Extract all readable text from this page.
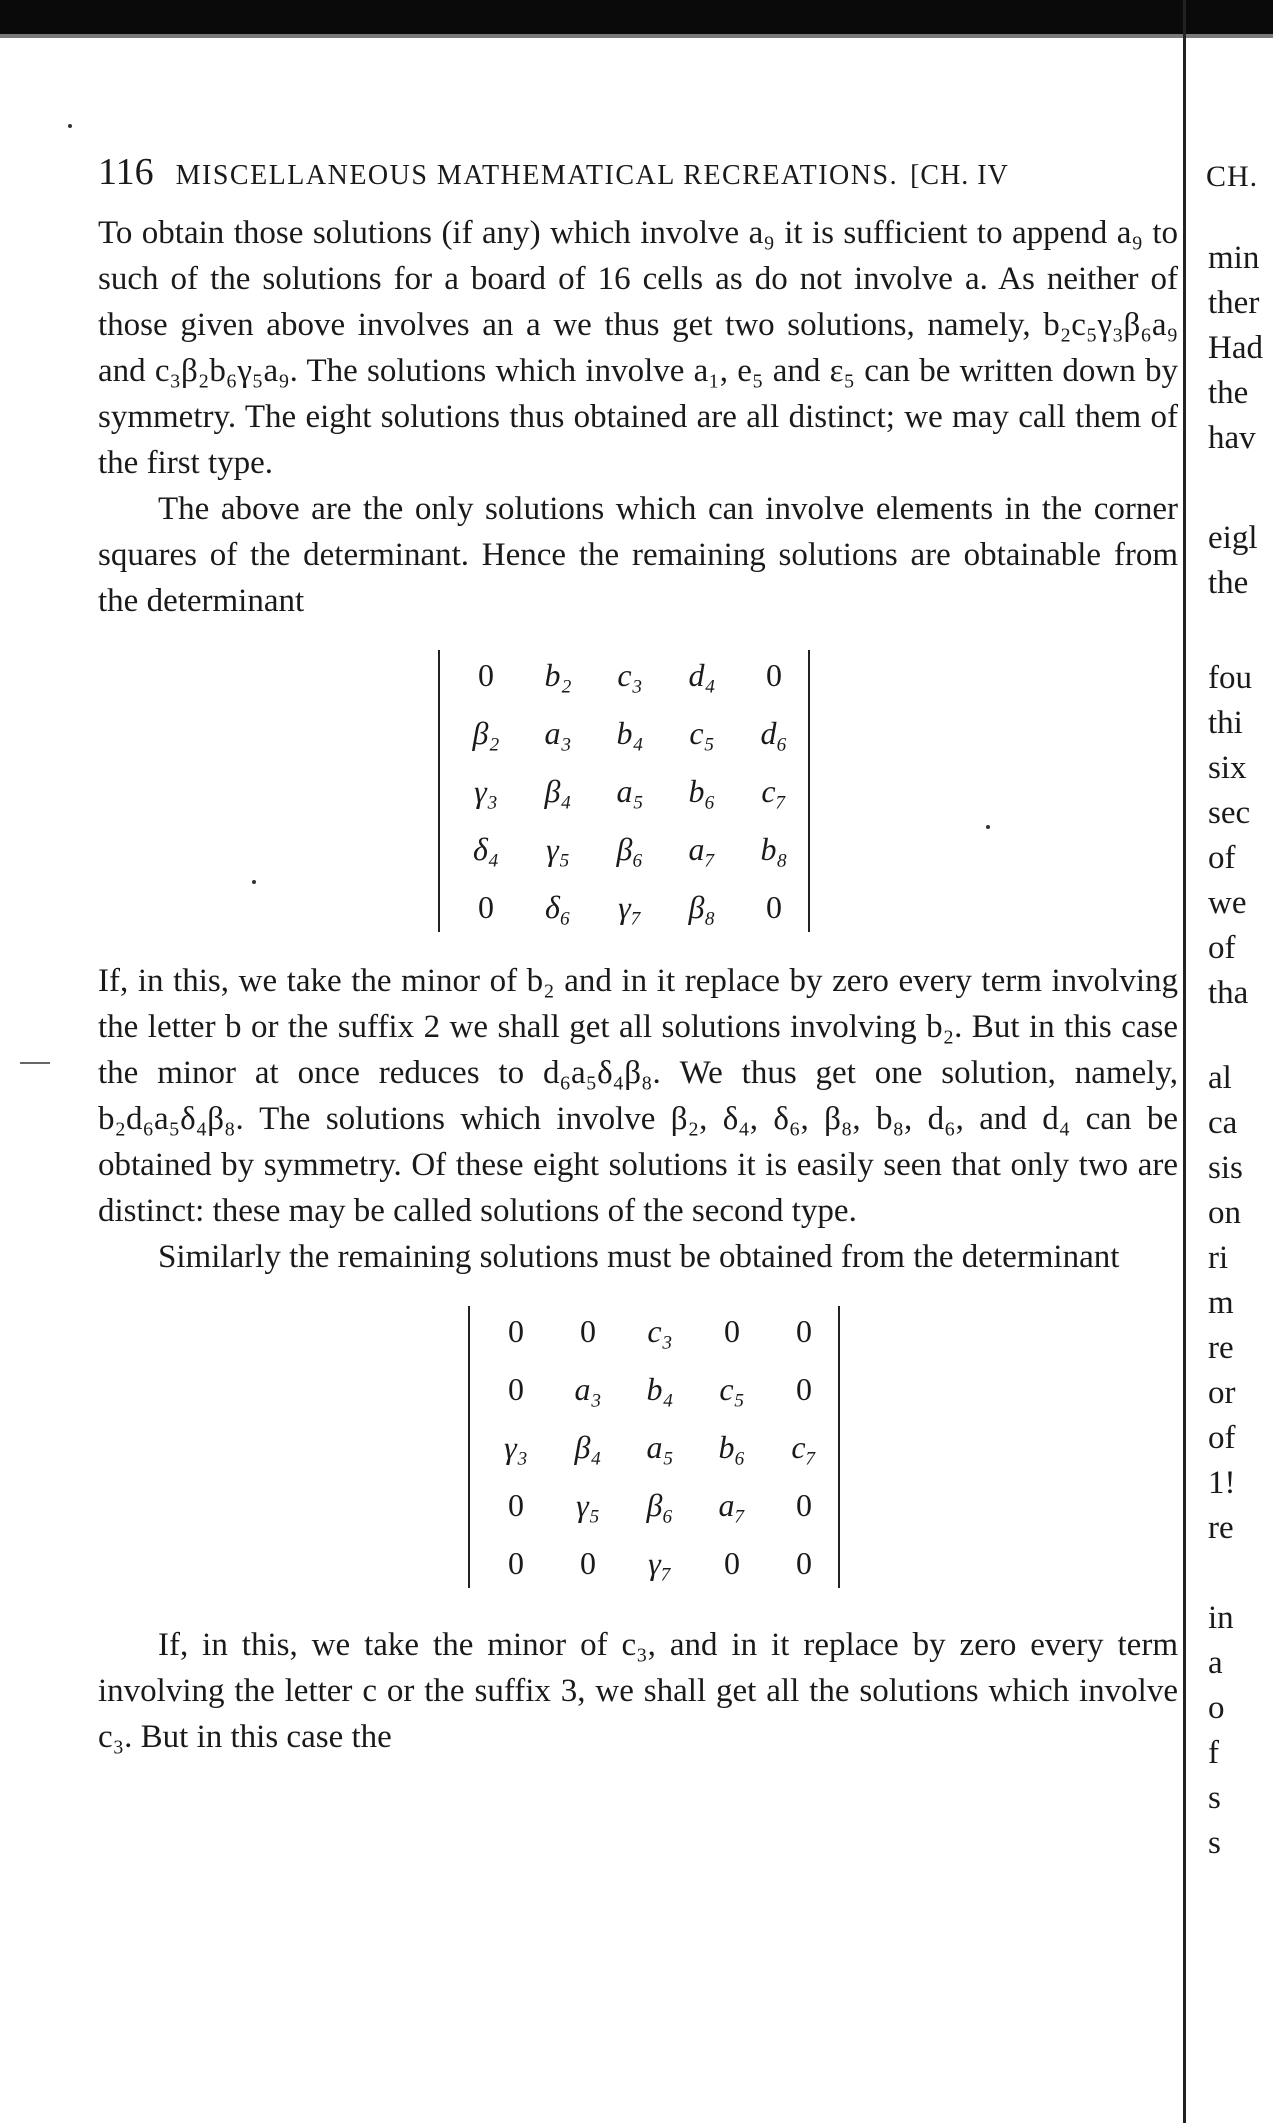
116 MISCELLANEOUS MATHEMATICAL RECREATIONS. [CH. IV

To obtain those solutions (if any) which involve a₉ it is sufficient to append a₉ to such of the solutions for a board of 16 cells as do not involve a. As neither of those given above involves an a we thus get two solutions, namely, b₂c₅γ₃β₆a₉ and c₃β₂b₆γ₅a₉. The solutions which involve a₁, e₅ and ε₅ can be written down by symmetry. The eight solutions thus obtained are all distinct; we may call them of the first type.

The above are the only solutions which can involve elements in the corner squares of the determinant. Hence the remaining solutions are obtainable from the determinant

0	b₂	c₃	d₄	0
β₂	a₃	b₄	c₅	d₆
γ₃	β₄	a₅	b₆	c₇
δ₄	γ₅	β₆	a₇	b₈
0	δ₆	γ₇	β₈	0

If, in this, we take the minor of b₂ and in it replace by zero every term involving the letter b or the suffix 2 we shall get all solutions involving b₂. But in this case the minor at once reduces to d₆a₅δ₄β₈. We thus get one solution, namely, b₂d₆a₅δ₄β₈. The solutions which involve β₂, δ₄, δ₆, β₈, b₈, d₆, and d₄ can be obtained by symmetry. Of these eight solutions it is easily seen that only two are distinct: these may be called solutions of the second type.

Similarly the remaining solutions must be obtained from the determinant

0	0	c₃	0	0
0	a₃	b₄	c₅	0
γ₃	β₄	a₅	b₆	c₇
0	γ₅	β₆	a₇	0
0	0	γ₇	0	0

If, in this, we take the minor of c₃, and in it replace by zero every term involving the letter c or the suffix 3, we shall get all the solutions which involve c₃. But in this case the

CH.
min
ther
Had
the
hav
eigl
the
fou
thi
six
sec
of
we
of
tha
al
ca
sis
on
ri
m
re
or
of
1!
re
in
a
o
f
s
s
